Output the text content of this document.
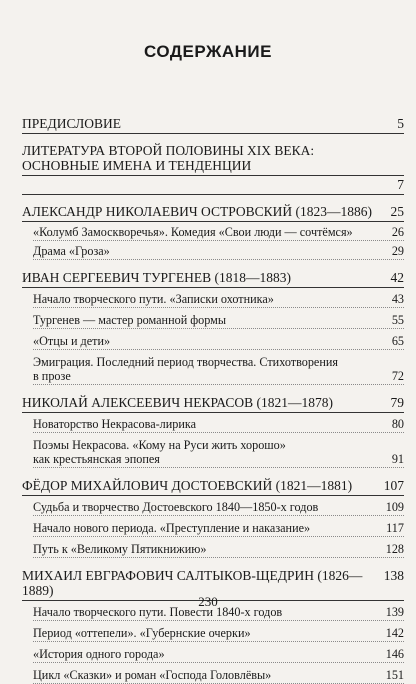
СОДЕРЖАНИЕ
ПРЕДИСЛОВИЕ	5
ЛИТЕРАТУРА ВТОРОЙ ПОЛОВИНЫ XIX ВЕКА:
ОСНОВНЫЕ ИМЕНА И ТЕНДЕНЦИИ
7
АЛЕКСАНДР НИКОЛАЕВИЧ ОСТРОВСКИЙ (1823—1886)	25
«Колумб Замоскворечья». Комедия «Свои люди — сочтёмся»	26
Драма «Гроза»	29
ИВАН СЕРГЕЕВИЧ ТУРГЕНЕВ (1818—1883)	42
Начало творческого пути. «Записки охотника»	43
Тургенев — мастер романной формы	55
«Отцы и дети»	65
Эмиграция. Последний период творчества. Стихотворения
в прозе	72
НИКОЛАЙ АЛЕКСЕЕВИЧ НЕКРАСОВ (1821—1878)	79
Новаторство Некрасова-лирика	80
Поэмы Некрасова. «Кому на Руси жить хорошо»
как крестьянская эпопея	91
ФЁДОР МИХАЙЛОВИЧ ДОСТОЕВСКИЙ (1821—1881)	107
Судьба и творчество Достоевского 1840—1850-х годов	109
Начало нового периода. «Преступление и наказание»	117
Путь к «Великому Пятикнижию»	128
МИХАИЛ ЕВГРАФОВИЧ САЛТЫКОВ-ЩЕДРИН (1826—1889)
138
Начало творческого пути. Повести 1840-х годов	139
Период «оттепели». «Губернские очерки»	142
«История одного города»	146
Цикл «Сказки» и роман «Господа Головлёвы»	151
230
